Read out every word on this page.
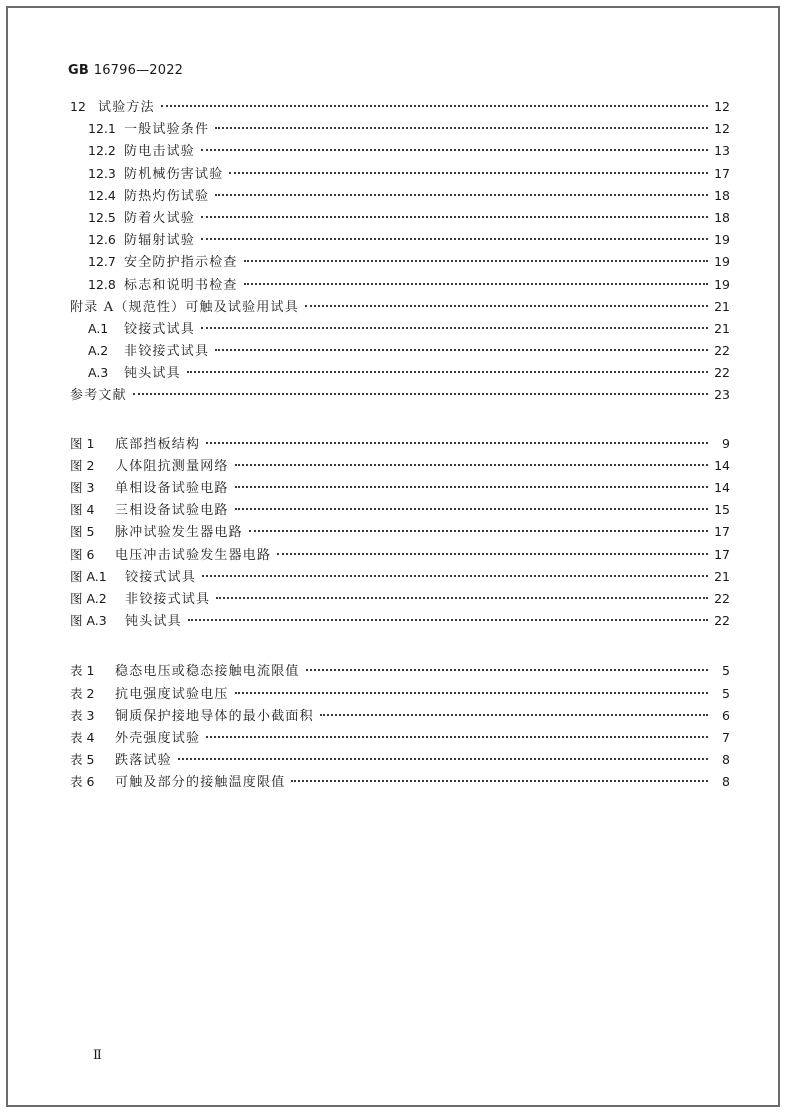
GB 16796—2022
12 试验方法	12
12.1 一般试验条件	12
12.2 防电击试验	13
12.3 防机械伤害试验	17
12.4 防热灼伤试验	18
12.5 防着火试验	18
12.6 防辐射试验	19
12.7 安全防护指示检查	19
12.8 标志和说明书检查	19
附录 A（规范性）可触及试验用试具	21
A.1	铰接式试具	21
A.2	非铰接式试具	22
A.3	钝头试具	22
参考文献	23
图 1	底部挡板结构	9
图 2	人体阻抗测量网络	14
图 3	单相设备试验电路	14
图 4	三相设备试验电路	15
图 5	脉冲试验发生器电路	17
图 6	电压冲击试验发生器电路	17
图 A.1	铰接式试具	21
图 A.2	非铰接式试具	22
图 A.3	钝头试具	22
表 1	稳态电压或稳态接触电流限值	5
表 2	抗电强度试验电压	5
表 3	铜质保护接地导体的最小截面积	6
表 4	外壳强度试验	7
表 5	跌落试验	8
表 6	可触及部分的接触温度限值	8
Ⅱ
